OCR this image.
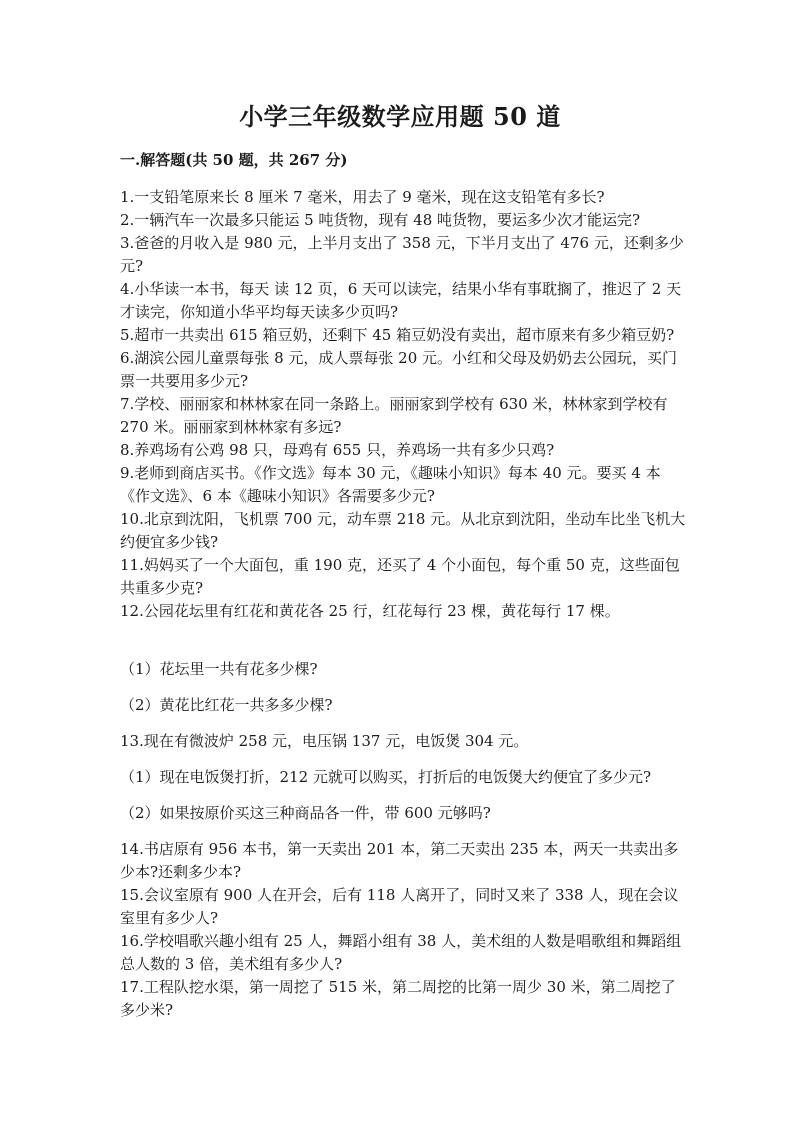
小学三年级数学应用题 50 道
一.解答题(共 50 题，共 267 分)

1.一支铅笔原来长 8 厘米 7 毫米，用去了 9 毫米，现在这支铅笔有多长?

2.一辆汽车一次最多只能运 5 吨货物，现有 48 吨货物，要运多少次才能运完?

3.爸爸的月收入是 980 元，上半月支出了 358 元，下半月支出了 476 元，还剩多少元?

4.小华读一本书，每天 读 12 页，6 天可以读完，结果小华有事耽搁了，推迟了 2 天才读完，你知道小华平均每天读多少页吗?

5.超市一共卖出 615 箱豆奶，还剩下 45 箱豆奶没有卖出，超市原来有多少箱豆奶?

6.湖滨公园儿童票每张 8 元，成人票每张 20 元。小红和父母及奶奶去公园玩，买门票一共要用多少元?

7.学校、丽丽家和林林家在同一条路上。丽丽家到学校有 630 米，林林家到学校有 270 米。丽丽家到林林家有多远?

8.养鸡场有公鸡 98 只，母鸡有 655 只，养鸡场一共有多少只鸡?

9.老师到商店买书。《作文选》每本 30 元，《趣味小知识》每本 40 元。要买 4 本《作文选》、6 本《趣味小知识》各需要多少元?

10.北京到沈阳，飞机票 700 元，动车票 218 元。从北京到沈阳，坐动车比坐飞机大约便宜多少钱?

11.妈妈买了一个大面包，重 190 克，还买了 4 个小面包，每个重 50 克，这些面包共重多少克?

12.公园花坛里有红花和黄花各 25 行，红花每行 23 棵，黄花每行 17 棵。

（1）花坛里一共有花多少棵?

（2）黄花比红花一共多多少棵?

13.现在有微波炉 258 元，电压锅 137 元，电饭煲 304 元。

（1）现在电饭煲打折，212 元就可以购买，打折后的电饭煲大约便宜了多少元?

（2）如果按原价买这三种商品各一件，带 600 元够吗?

14.书店原有 956 本书，第一天卖出 201 本，第二天卖出 235 本，两天一共卖出多少本?还剩多少本?

15.会议室原有 900 人在开会，后有 118 人离开了，同时又来了 338 人，现在会议室里有多少人?

16.学校唱歌兴趣小组有 25 人，舞蹈小组有 38 人，美术组的人数是唱歌组和舞蹈组总人数的 3 倍，美术组有多少人?

17.工程队挖水渠，第一周挖了 515 米，第二周挖的比第一周少 30 米，第二周挖了多少米?
